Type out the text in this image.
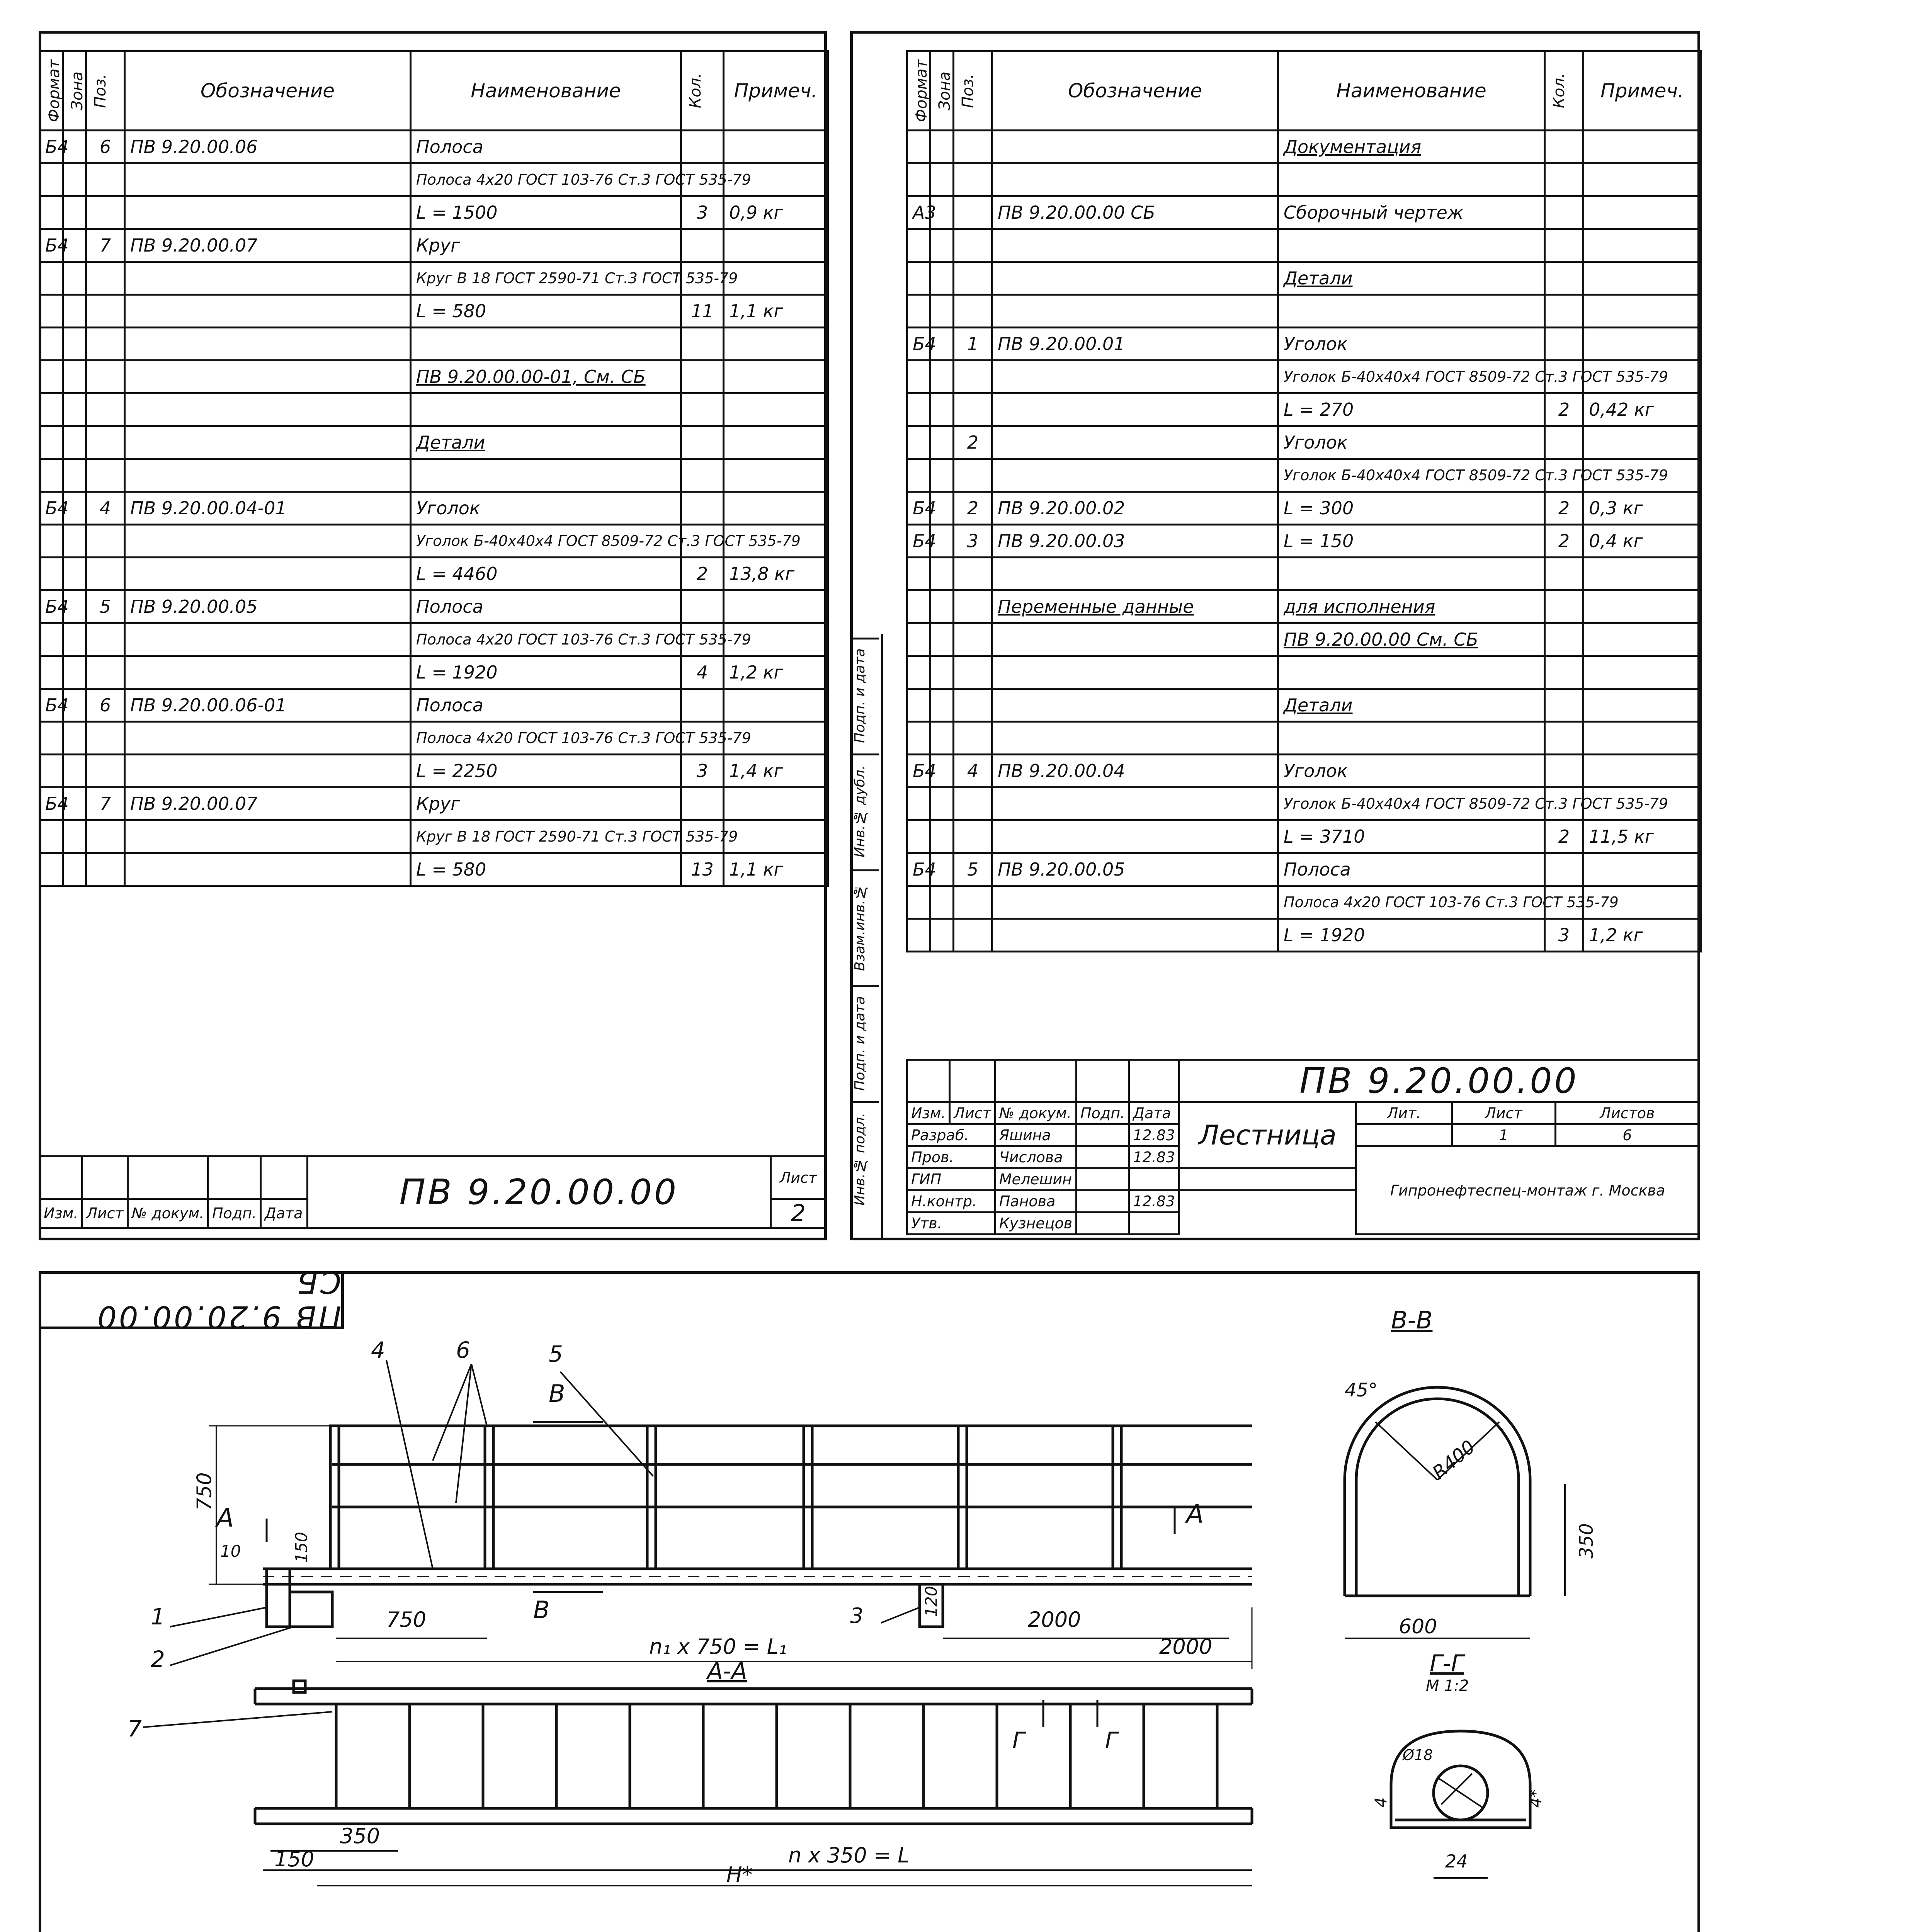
Формат	Зона	Поз.	Обозначение	Наименование	Кол.	Примеч.
Б4		6	ПВ 9.20.00.06	Полоса		
				Полоса 4х20 ГОСТ 103-76 Ст.3 ГОСТ 535-79		
				L = 1500	3	0,9 кг
Б4		7	ПВ 9.20.00.07	Круг		
				Круг В 18 ГОСТ 2590-71 Ст.3 ГОСТ 535-79		
				L = 580	11	1,1 кг

				ПВ 9.20.00.00-01, См. СБ		

				Детали		

Б4		4	ПВ 9.20.00.04-01	Уголок		
				Уголок Б-40х40х4 ГОСТ 8509-72 Ст.3 ГОСТ 535-79		
				L = 4460	2	13,8 кг
Б4		5	ПВ 9.20.00.05	Полоса		
				Полоса 4х20 ГОСТ 103-76 Ст.3 ГОСТ 535-79		
				L = 1920	4	1,2 кг
Б4		6	ПВ 9.20.00.06-01	Полоса		
				Полоса 4х20 ГОСТ 103-76 Ст.3 ГОСТ 535-79		
				L = 2250	3	1,4 кг
Б4		7	ПВ 9.20.00.07	Круг		
				Круг В 18 ГОСТ 2590-71 Ст.3 ГОСТ 535-79		
				L = 580	13	1,1 кг
					ПВ 9.20.00.00	Лист
Изм.	Лист	№ докум.	Подп.	Дата		2
Подп. и дата
Инв.№ дубл.
Взам.инв.№
Подп. и дата
Инв.№ подл.
Формат	Зона	Поз.	Обозначение	Наименование	Кол.	Примеч.
				Документация		

А3			ПВ 9.20.00.00 СБ	Сборочный чертеж		

				Детали		

Б4		1	ПВ 9.20.00.01	Уголок		
				Уголок Б-40х40х4 ГОСТ 8509-72 Ст.3 ГОСТ 535-79		
				L = 270	2	0,42 кг
		2		Уголок		
				Уголок Б-40х40х4 ГОСТ 8509-72 Ст.3 ГОСТ 535-79		
Б4		2	ПВ 9.20.00.02	L = 300	2	0,3 кг
Б4		3	ПВ 9.20.00.03	L = 150	2	0,4 кг

			Переменные данные	для исполнения		
				ПВ 9.20.00.00 См. СБ		

				Детали		

Б4		4	ПВ 9.20.00.04	Уголок		
				Уголок Б-40х40х4 ГОСТ 8509-72 Ст.3 ГОСТ 535-79		
				L = 3710	2	11,5 кг
Б4		5	ПВ 9.20.00.05	Полоса		
				Полоса 4х20 ГОСТ 103-76 Ст.3 ГОСТ 535-79		
				L = 1920	3	1,2 кг
					ПВ 9.20.00.00			
Изм.	Лист	№ докум.	Подп.	Дата	Лестница	Лит.	Лист	Листов
Разраб.		Яшина		12.83			1	6
Пров.		Числова		12.83		Гипронефтеспец-монтаж г. Москва		
ГИП		Мелешин						
Н.контр.		Панова		12.83				
Утв.		Кузнецов						
ПВ 9.20.00.00 СБ
4	6	5
В
В
А	А
750
10	150
750	2000
2000
120
3
1
2	n₁ х 750 = L₁
А-А
7	Г	Г
350
150	n х 350 = L
Н*
В-В
45°
R400
350
600
Г-Г
М 1:2
Ø18
4	4*
24
